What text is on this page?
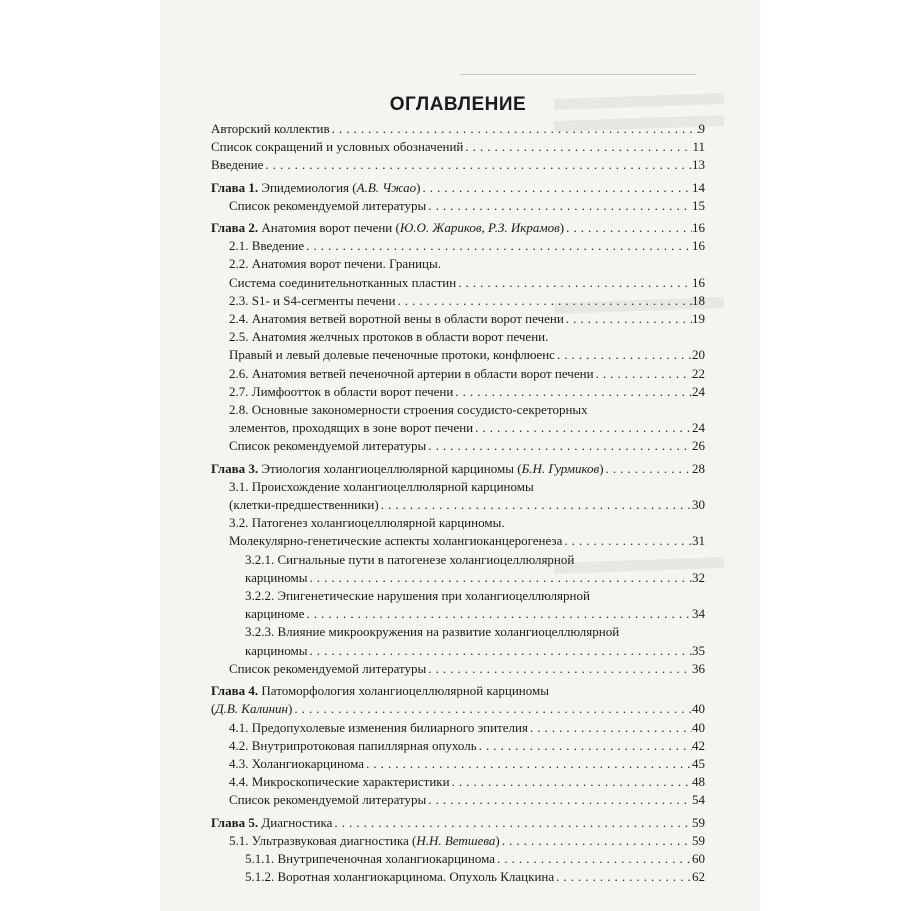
ОГЛАВЛЕНИЕ
Авторский коллектив . . .	9
Список сокращений и условных обозначений . . .	11
Введение . . .	13
Глава 1. Эпидемиология (А.В. Чжао) . . .	14
Список рекомендуемой литературы . . .	15
Глава 2. Анатомия ворот печени (Ю.О. Жариков, Р.З. Икрамов) . . .	16
2.1. Введение . . .	16
2.2. Анатомия ворот печени. Границы.
Система соединительнотканных пластин . . .	16
2.3. S1- и S4-сегменты печени . . .	18
2.4. Анатомия ветвей воротной вены в области ворот печени . . .	19
2.5. Анатомия желчных протоков в области ворот печени.
Правый и левый долевые печеночные протоки, конфлюенс . . .	20
2.6. Анатомия ветвей печеночной артерии в области ворот печени . . .	22
2.7. Лимфоотток в области ворот печени . . .	24
2.8. Основные закономерности строения сосудисто-секреторных
элементов, проходящих в зоне ворот печени . . .	24
Список рекомендуемой литературы . . .	26
Глава 3. Этиология холангиоцеллюлярной карциномы (Б.Н. Гурмиков) . . .	28
3.1. Происхождение холангиоцеллюлярной карциномы
(клетки-предшественники) . . .	30
3.2. Патогенез холангиоцеллюлярной карциномы.
Молекулярно-генетические аспекты холангиоканцерогенеза . . .	31
3.2.1. Сигнальные пути в патогенезе холангиоцеллюлярной
карциномы . . .	32
3.2.2. Эпигенетические нарушения при холангиоцеллюлярной
карциноме . . .	34
3.2.3. Влияние микроокружения на развитие холангиоцеллюлярной
карциномы . . .	35
Список рекомендуемой литературы . . .	36
Глава 4. Патоморфология холангиоцеллюлярной карциномы
(Д.В. Калинин) . . .	40
4.1. Предопухолевые изменения билиарного эпителия . . .	40
4.2. Внутрипротоковая папиллярная опухоль . . .	42
4.3. Холангиокарцинома . . .	45
4.4. Микроскопические характеристики . . .	48
Список рекомендуемой литературы . . .	54
Глава 5. Диагностика . . .	59
5.1. Ультразвуковая диагностика (Н.Н. Ветшева) . . .	59
5.1.1. Внутрипеченочная холангиокарцинома . . .	60
5.1.2. Воротная холангиокарцинома. Опухоль Клацкина . . .	62
